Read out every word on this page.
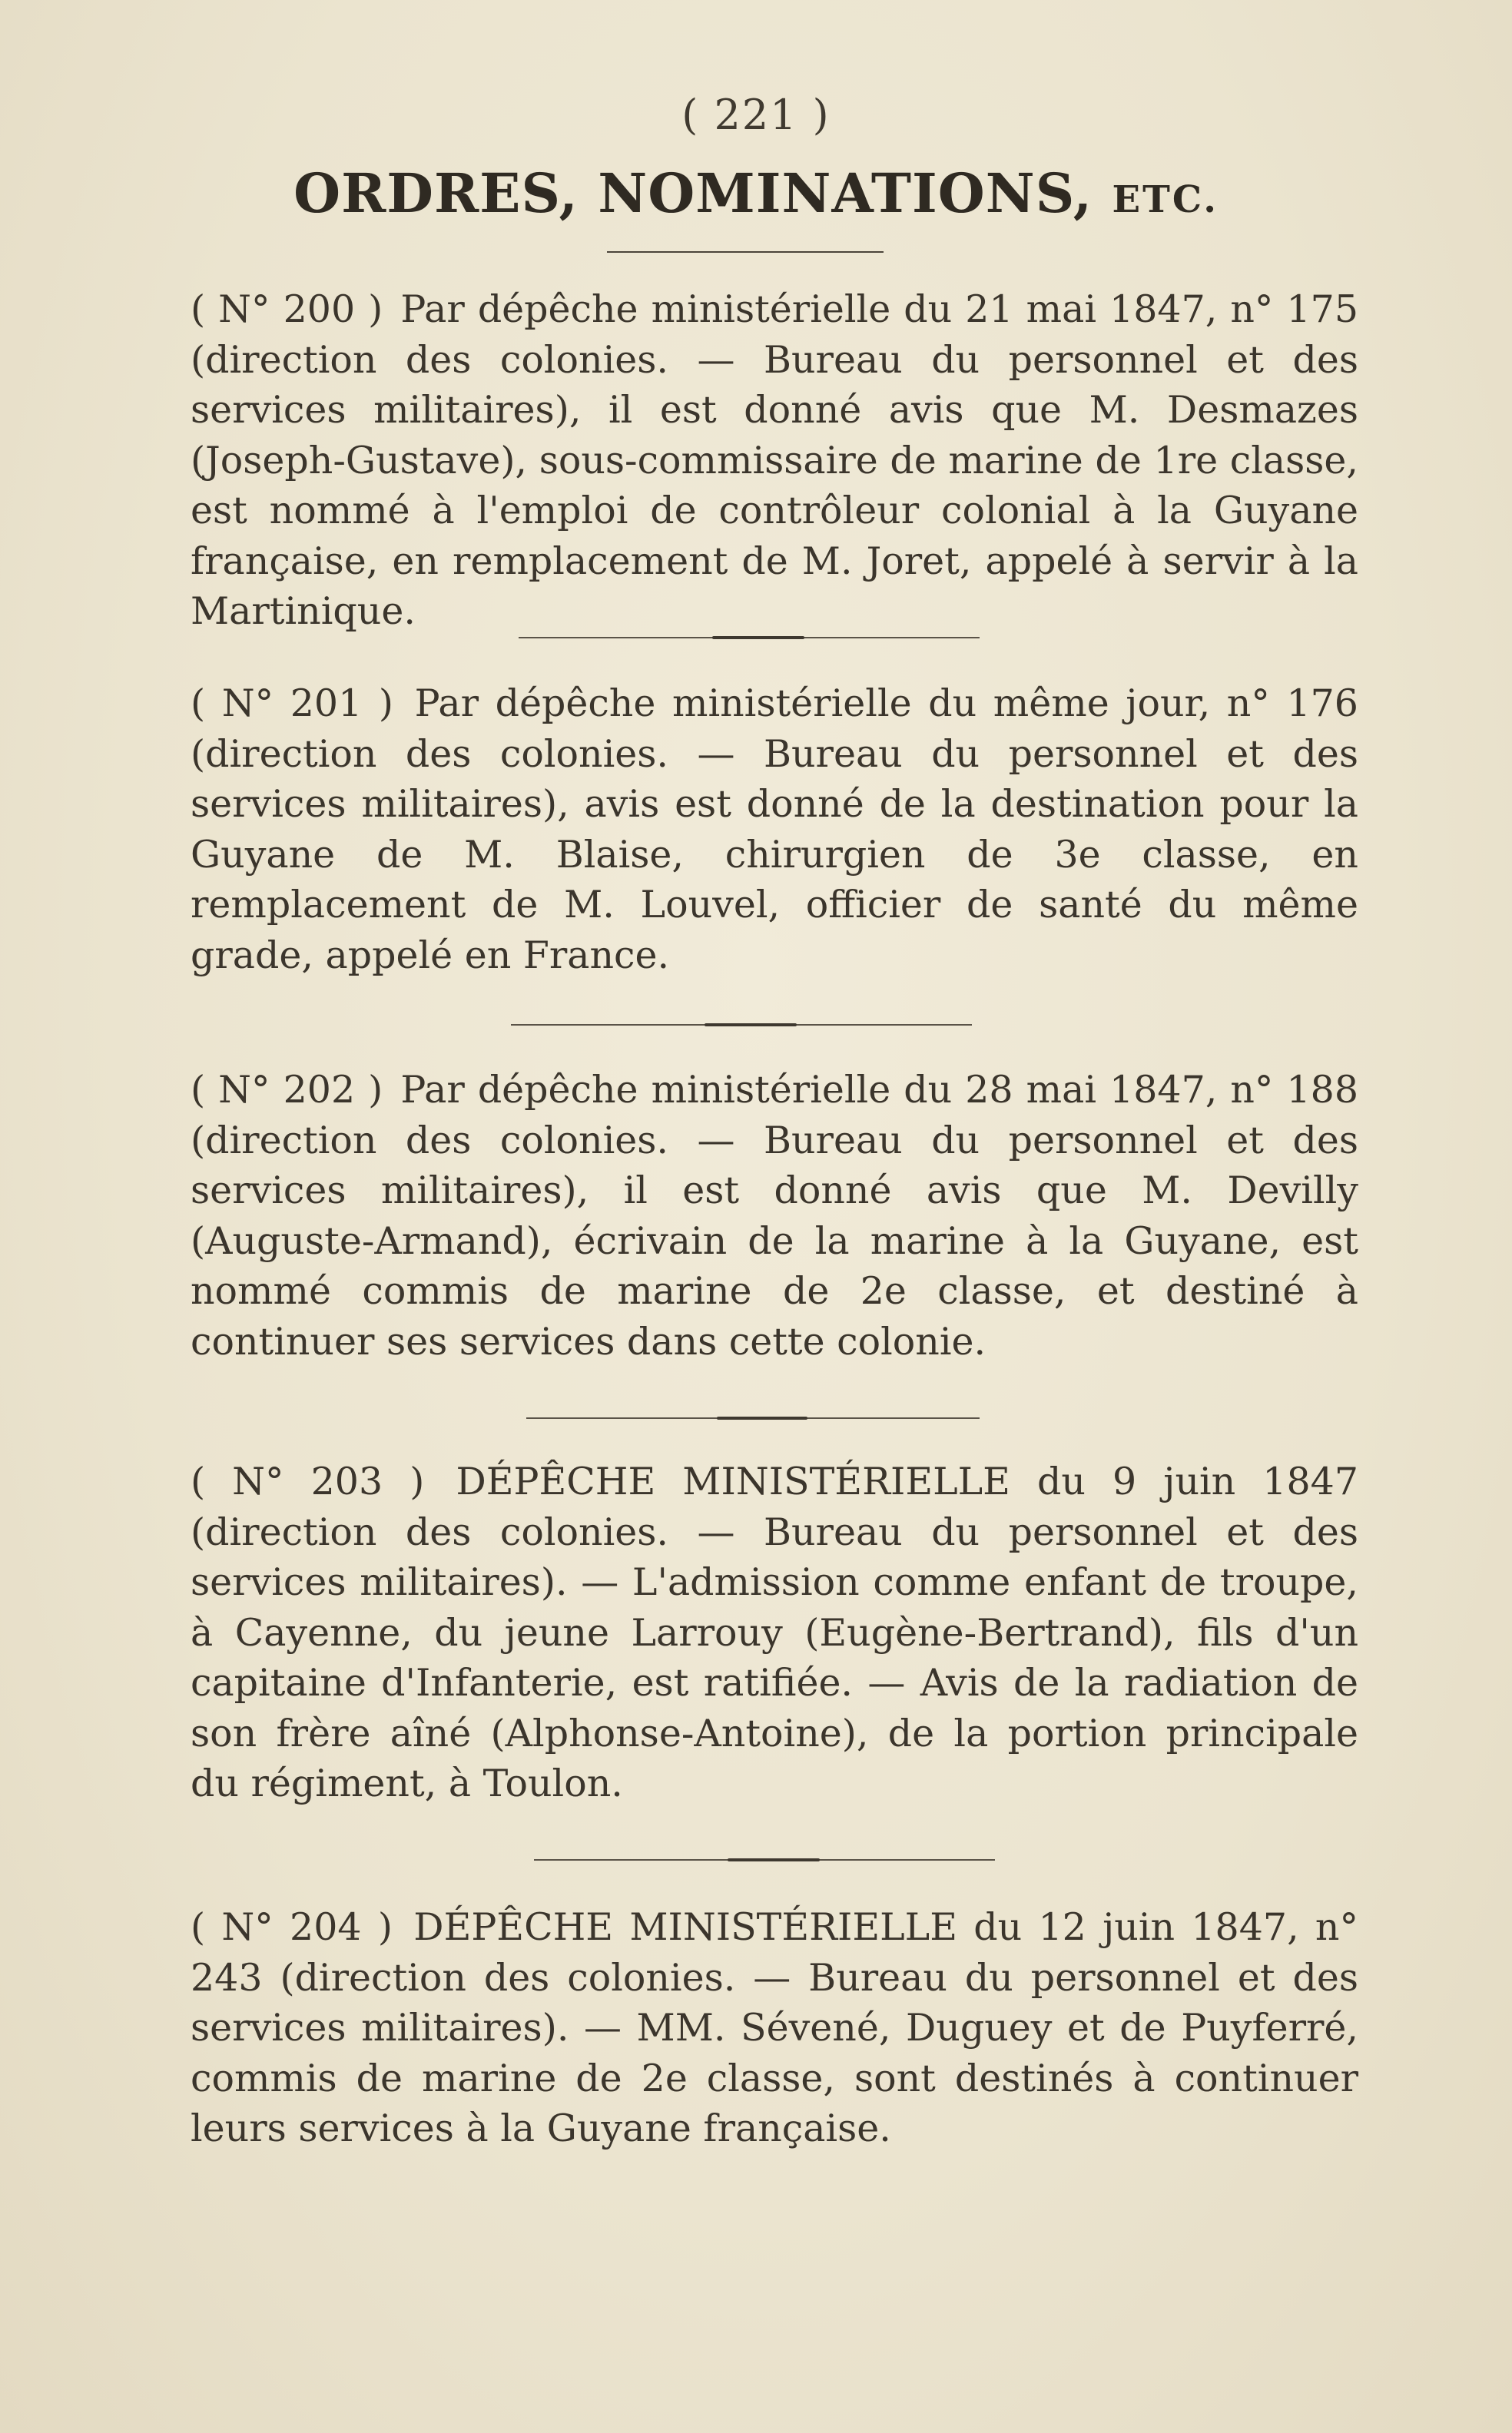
( 221 )
ORDRES, NOMINATIONS, ETC.
( N° 200 ) Par dépêche ministérielle du 21 mai 1847, n° 175 (direction des colonies. — Bureau du personnel et des services militaires), il est donné avis que M. Desmazes (Joseph-Gustave), sous-commissaire de marine de 1re classe, est nommé à l'emploi de contrôleur colonial à la Guyane française, en remplacement de M. Joret, appelé à servir à la Martinique.
( N° 201 ) Par dépêche ministérielle du même jour, n° 176 (direction des colonies. — Bureau du personnel et des services militaires), avis est donné de la destination pour la Guyane de M. Blaise, chirurgien de 3e classe, en remplacement de M. Louvel, officier de santé du même grade, appelé en France.
( N° 202 ) Par dépêche ministérielle du 28 mai 1847, n° 188 (direction des colonies. — Bureau du personnel et des services militaires), il est donné avis que M. Devilly (Auguste-Armand), écrivain de la marine à la Guyane, est nommé commis de marine de 2e classe, et destiné à continuer ses services dans cette colonie.
( N° 203 ) DÉPÊCHE MINISTÉRIELLE du 9 juin 1847 (direction des colonies. — Bureau du personnel et des services militaires). — L'admission comme enfant de troupe, à Cayenne, du jeune Larrouy (Eugène-Bertrand), fils d'un capitaine d'Infanterie, est ratifiée. — Avis de la radiation de son frère aîné (Alphonse-Antoine), de la portion principale du régiment, à Toulon.
( N° 204 ) DÉPÊCHE MINISTÉRIELLE du 12 juin 1847, n° 243 (direction des colonies. — Bureau du personnel et des services militaires). — MM. Sévené, Duguey et de Puyferré, commis de marine de 2e classe, sont destinés à continuer leurs services à la Guyane française.
